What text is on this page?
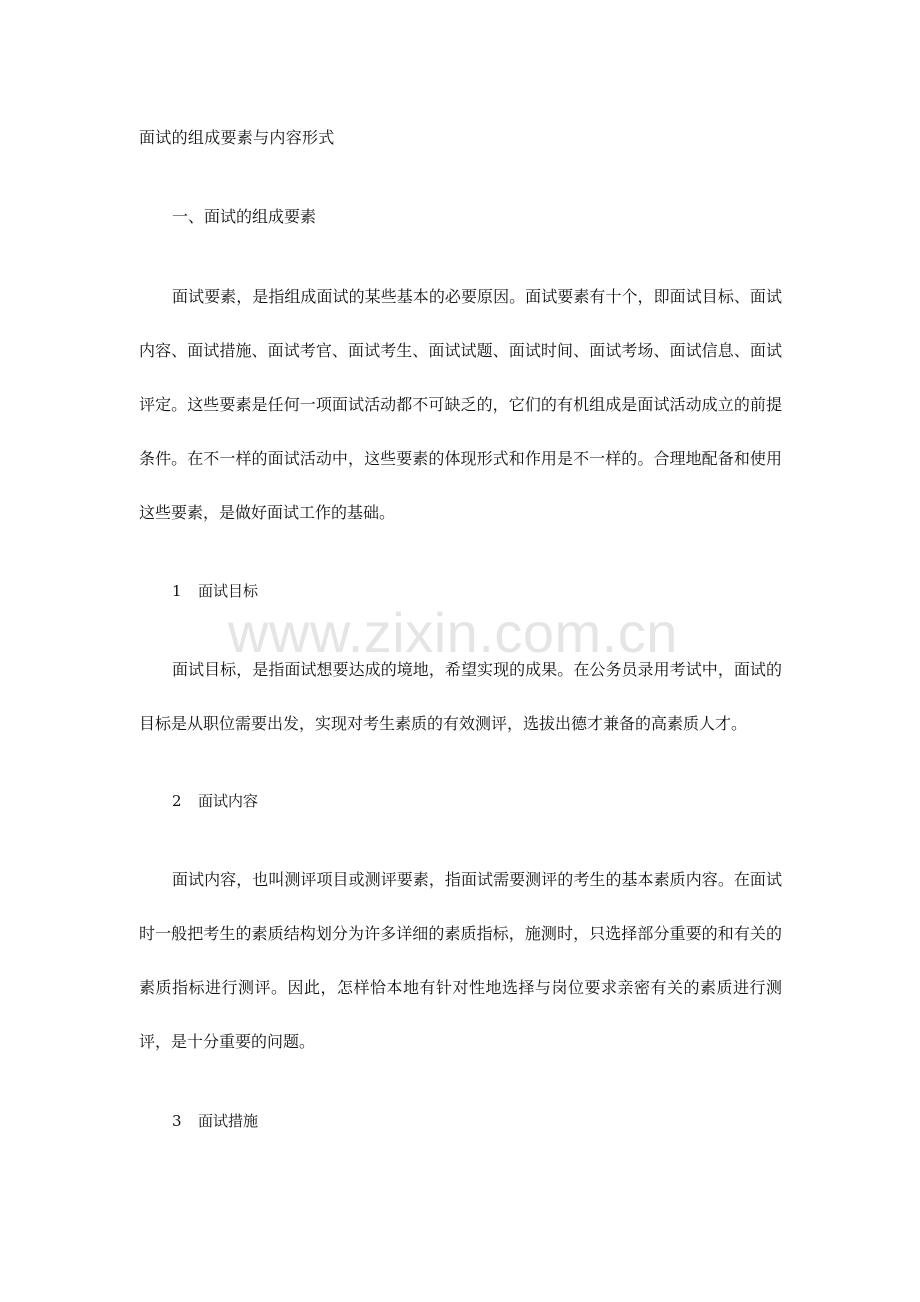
面试的组成要素与内容形式
一、面试的组成要素

面试要素，是指组成面试的某些基本的必要原因。面试要素有十个，即面试目标、面试内容、面试措施、面试考官、面试考生、面试试题、面试时间、面试考场、面试信息、面试评定。这些要素是任何一项面试活动都不可缺乏的，它们的有机组成是面试活动成立的前提条件。在不一样的面试活动中，这些要素的体现形式和作用是不一样的。合理地配备和使用这些要素，是做好面试工作的基础。

1 面试目标
www.zixin.com.cn

面试目标，是指面试想要达成的境地，希望实现的成果。在公务员录用考试中，面试的目标是从职位需要出发，实现对考生素质的有效测评，选拔出德才兼备的高素质人才。

2 面试内容

面试内容，也叫测评项目或测评要素，指面试需要测评的考生的基本素质内容。在面试时一般把考生的素质结构划分为许多详细的素质指标，施测时，只选择部分重要的和有关的素质指标进行测评。因此，怎样恰本地有针对性地选择与岗位要求亲密有关的素质进行测评，是十分重要的问题。

3 面试措施
